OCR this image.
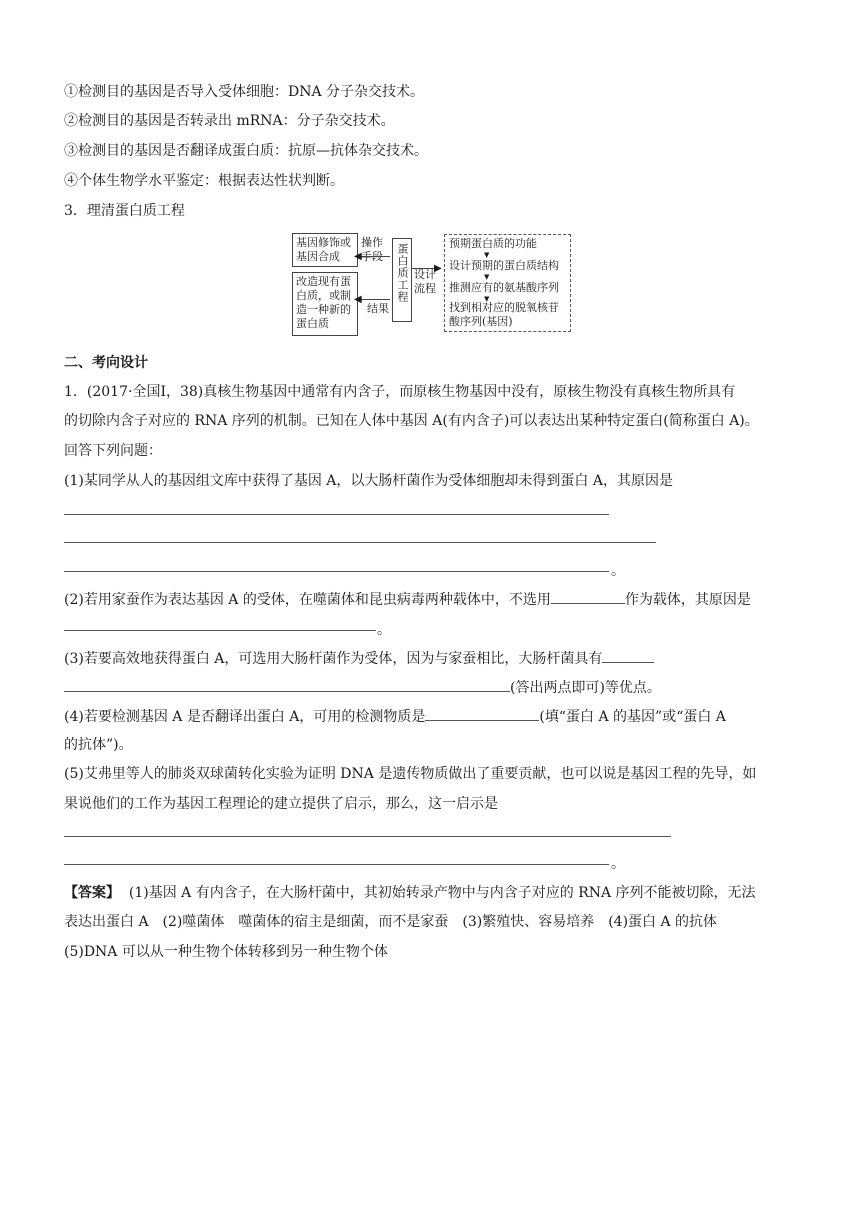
①检测目的基因是否导入受体细胞：DNA 分子杂交技术。
②检测目的基因是否转录出 mRNA：分子杂交技术。
③检测目的基因是否翻译成蛋白质：抗原—抗体杂交技术。
④个体生物学水平鉴定：根据表达性状判断。
3．理清蛋白质工程
基因修饰或基因合成
操作手段
◀
改造现有蛋白质，或制造一种新的蛋白质
结果
◀	蛋白质工程 设计流程
▶
预期蛋白质的功能
设计预期的蛋白质结构
推测应有的氨基酸序列
找到相对应的脱氧核苷酸序列(基因)
▼
▼
▼
二、考向设计
1．(2017·全国Ⅰ，38)真核生物基因中通常有内含子，而原核生物基因中没有，原核生物没有真核生物所具有
的切除内含子对应的 RNA 序列的机制。已知在人体中基因 A(有内含子)可以表达出某种特定蛋白(简称蛋白 A)。
回答下列问题：
(1)某同学从人的基因组文库中获得了基因 A，以大肠杆菌作为受体细胞却未得到蛋白 A，其原因是
。
(2)若用家蚕作为表达基因 A 的受体，在噬菌体和昆虫病毒两种载体中，不选用	作为载体，其原因是
。
(3)若要高效地获得蛋白 A，可选用大肠杆菌作为受体，因为与家蚕相比，大肠杆菌具有
(答出两点即可)等优点。
(4)若要检测基因 A 是否翻译出蛋白 A，可用的检测物质是	(填“蛋白 A 的基因”或“蛋白 A
的抗体”)。
(5)艾弗里等人的肺炎双球菌转化实验为证明 DNA 是遗传物质做出了重要贡献，也可以说是基因工程的先导，如
果说他们的工作为基因工程理论的建立提供了启示，那么，这一启示是
。
【答案】 (1)基因 A 有内含子，在大肠杆菌中，其初始转录产物中与内含子对应的 RNA 序列不能被切除，无法
表达出蛋白 A　(2)噬菌体　噬菌体的宿主是细菌，而不是家蚕　(3)繁殖快、容易培养　(4)蛋白 A 的抗体
(5)DNA 可以从一种生物个体转移到另一种生物个体
